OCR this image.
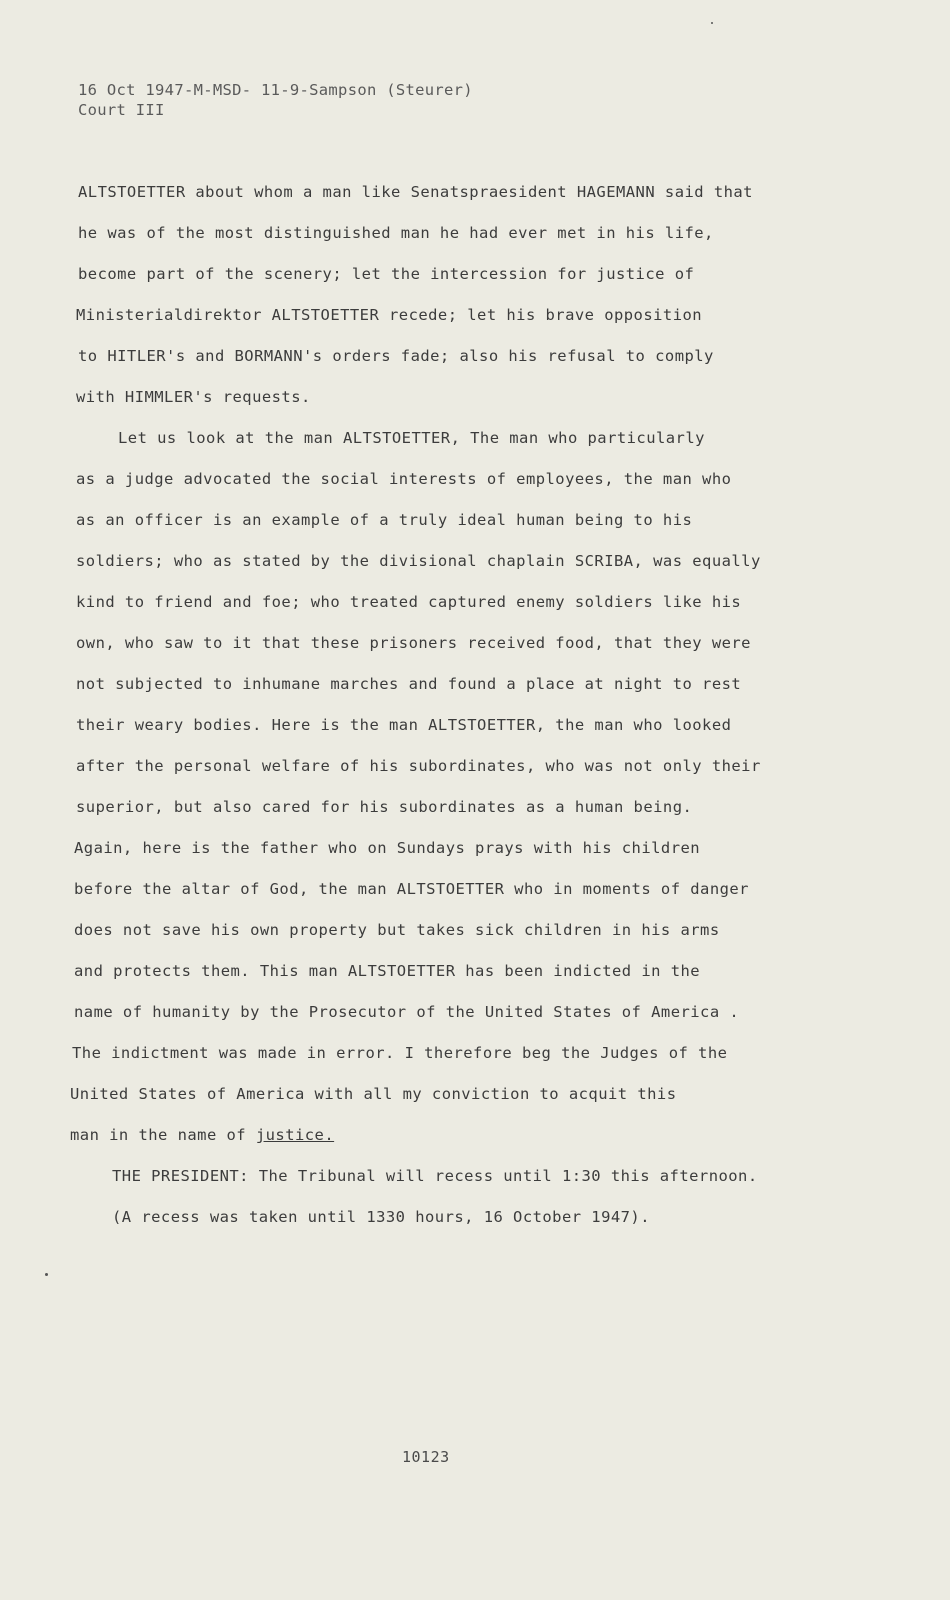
16 Oct 1947-M-MSD- 11-9-Sampson (Steurer)
Court III
ALTSTOETTER about whom a man like Senatspraesident HAGEMANN said that
he was of the most distinguished man he had ever met in his life,
become part of the scenery; let the intercession for justice of
Ministerialdirektor ALTSTOETTER recede; let his brave opposition
to HITLER's and BORMANN's orders fade; also his refusal to comply
with HIMMLER's requests.
Let us look at the man ALTSTOETTER, The man who particularly
as a judge advocated the social interests of employees, the man who
as an officer is an example of a truly ideal human being to his
soldiers; who as stated by the divisional chaplain SCRIBA, was equally
kind to friend and foe; who treated captured enemy soldiers like his
own, who saw to it that these prisoners received food, that they were
not subjected to inhumane marches and found a place at night to rest
their weary bodies. Here is the man ALTSTOETTER, the man who looked
after the personal welfare of his subordinates, who was not only their
superior, but also cared for his subordinates as a human being.
Again, here is the father who on Sundays prays with his children
before the altar of God, the man ALTSTOETTER who in moments of danger
does not save his own property but takes sick children in his arms
and protects them. This man ALTSTOETTER has been indicted in the
name of humanity by the Prosecutor of the United States of America .
The indictment was made in error. I therefore beg the Judges of the
United States of America with all my conviction to acquit this
man in the name of justice.
THE PRESIDENT: The Tribunal will recess until 1:30 this afternoon.
(A recess was taken until 1330 hours, 16 October 1947).
10123
